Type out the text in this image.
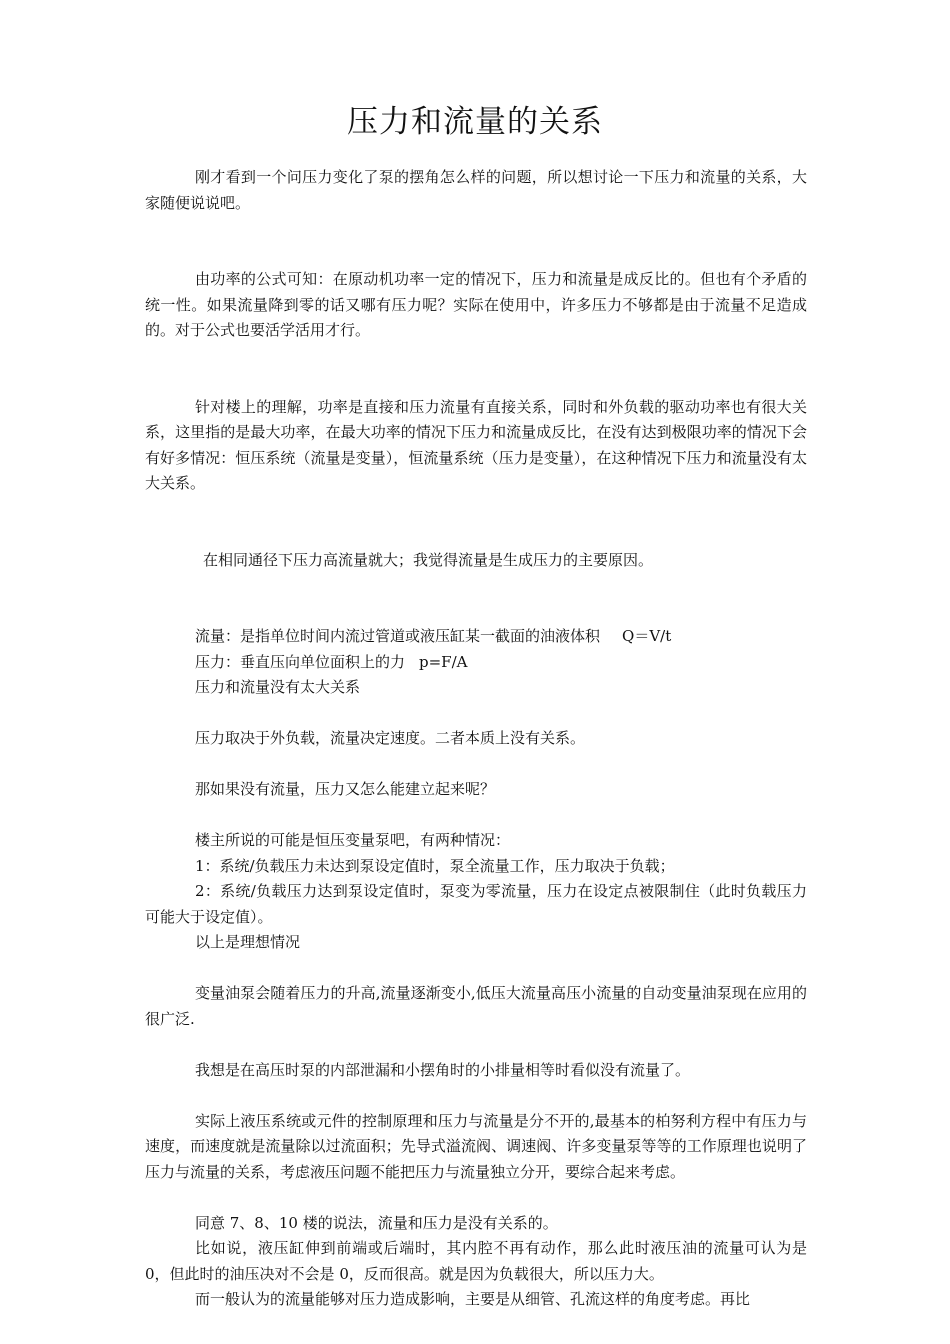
压力和流量的关系

刚才看到一个问压力变化了泵的摆角怎么样的问题，所以想讨论一下压力和流量的关系，大家随便说说吧。

由功率的公式可知：在原动机功率一定的情况下，压力和流量是成反比的。但也有个矛盾的统一性。如果流量降到零的话又哪有压力呢？实际在使用中，许多压力不够都是由于流量不足造成的。对于公式也要活学活用才行。

针对楼上的理解，功率是直接和压力流量有直接关系，同时和外负载的驱动功率也有很大关系，这里指的是最大功率，在最大功率的情况下压力和流量成反比，在没有达到极限功率的情况下会有好多情况：恒压系统（流量是变量），恒流量系统（压力是变量），在这种情况下压力和流量没有太大关系。

在相同通径下压力高流量就大；我觉得流量是生成压力的主要原因。

流量：是指单位时间内流过管道或液压缸某一截面的油液体积 Q＝V/t

压力：垂直压向单位面积上的力 p=F/A

压力和流量没有太大关系

压力取决于外负载，流量决定速度。二者本质上没有关系。

那如果没有流量，压力又怎么能建立起来呢？

楼主所说的可能是恒压变量泵吧，有两种情况：

1：系统/负载压力未达到泵设定值时，泵全流量工作，压力取决于负载；

2：系统/负载压力达到泵设定值时，泵变为零流量，压力在设定点被限制住（此时负载压力可能大于设定值）。

以上是理想情况

变量油泵会随着压力的升高,流量逐渐变小,低压大流量高压小流量的自动变量油泵现在应用的很广泛.

我想是在高压时泵的内部泄漏和小摆角时的小排量相等时看似没有流量了。

实际上液压系统或元件的控制原理和压力与流量是分不开的,最基本的柏努利方程中有压力与速度，而速度就是流量除以过流面积；先导式溢流阀、调速阀、许多变量泵等等的工作原理也说明了压力与流量的关系，考虑液压问题不能把压力与流量独立分开，要综合起来考虑。

同意 7、8、10 楼的说法，流量和压力是没有关系的。

比如说，液压缸伸到前端或后端时，其内腔不再有动作，那么此时液压油的流量可认为是 0，但此时的油压决对不会是 0，反而很高。就是因为负载很大，所以压力大。

而一般认为的流量能够对压力造成影响，主要是从细管、孔流这样的角度考虑。再比
